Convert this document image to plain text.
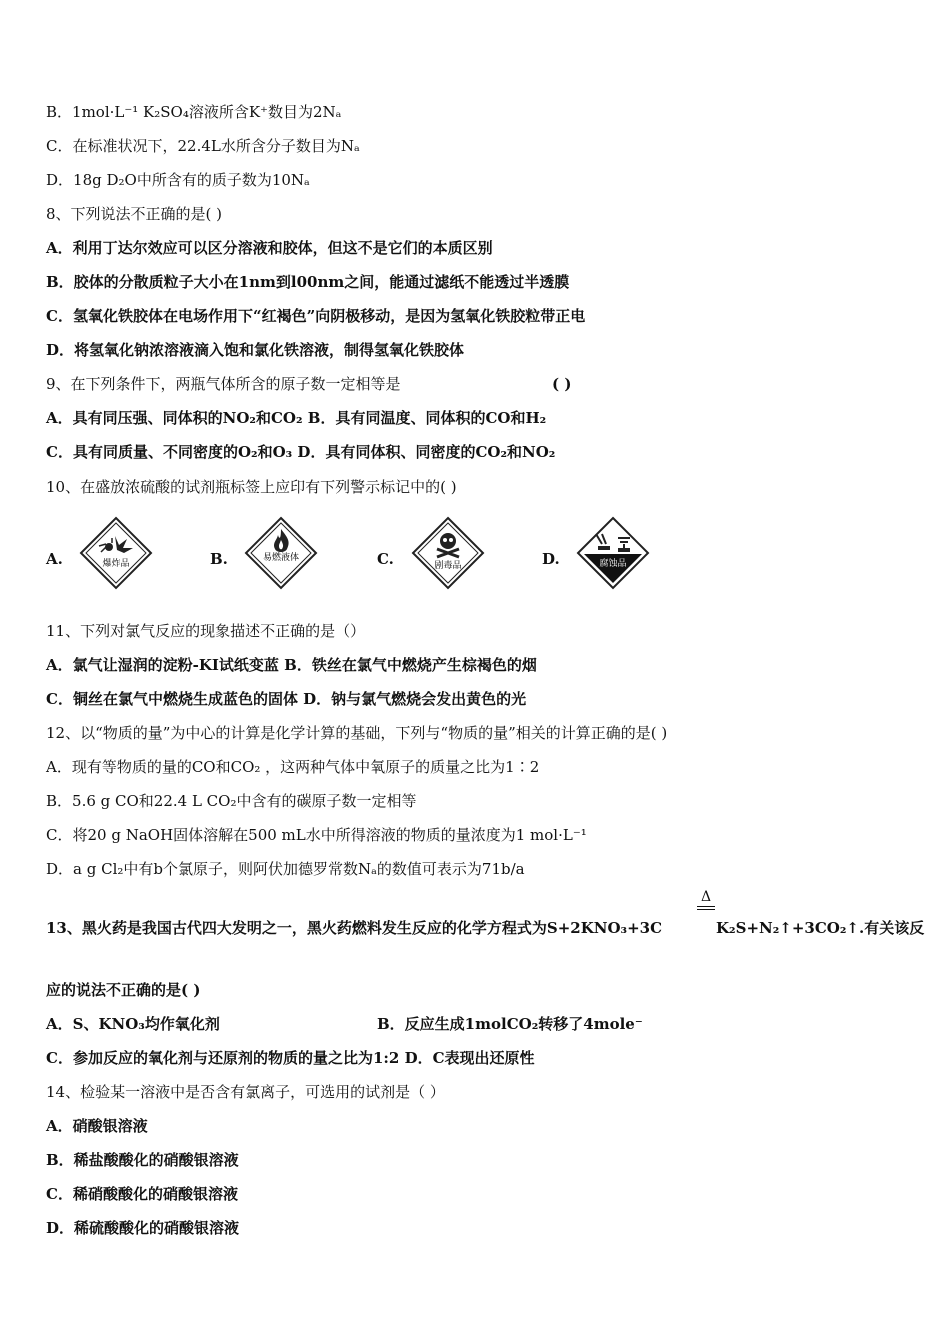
B．1mol·L⁻¹ K₂SO₄溶液所含K⁺数目为2Nₐ
C．在标准状况下，22.4L水所含分子数目为Nₐ
D．18g D₂O中所含有的质子数为10Nₐ
8、下列说法不正确的是( )
A．利用丁达尔效应可以区分溶液和胶体，但这不是它们的本质区别
B．胶体的分散质粒子大小在1nm到l00nm之间，能通过滤纸不能透过半透膜
C．氢氧化铁胶体在电场作用下“红褐色”向阴极移动，是因为氢氧化铁胶粒带正电
D．将氢氧化钠浓溶液滴入饱和氯化铁溶液，制得氢氧化铁胶体
9、在下列条件下，两瓶气体所含的原子数一定相等是	( )
A．具有同压强、同体积的NO₂和CO₂ B．具有同温度、同体积的CO和H₂
C．具有同质量、不同密度的O₂和O₃ D．具有同体积、同密度的CO₂和NO₂
10、在盛放浓硫酸的试剂瓶标签上应印有下列警示标记中的( )
A.	爆炸品	B.	易燃液体	C.	剧毒品	D.	腐蚀品
11、下列对氯气反应的现象描述不正确的是（）
A．氯气让湿润的淀粉-KI试纸变蓝 B．铁丝在氯气中燃烧产生棕褐色的烟
C．铜丝在氯气中燃烧生成蓝色的固体 D．钠与氯气燃烧会发出黄色的光
12、以“物质的量”为中心的计算是化学计算的基础，下列与“物质的量”相关的计算正确的是( )
A．现有等物质的量的CO和CO₂ ，这两种气体中氧原子的质量之比为1∶2
B．5.6 g CO和22.4 L CO₂中含有的碳原子数一定相等
C．将20 g NaOH固体溶解在500 mL水中所得溶液的物质的量浓度为1 mol·L⁻¹
D．a g Cl₂中有b个氯原子，则阿伏加德罗常数Nₐ的数值可表示为71b/a
Δ
13、黑火药是我国古代四大发明之一，黑火药燃料发生反应的化学方程式为S+2KNO₃+3C	K₂S+N₂↑+3CO₂↑.有关该反
应的说法不正确的是( )
A．S、KNO₃均作氧化剂	B．反应生成1molCO₂转移了4mole⁻
C．参加反应的氧化剂与还原剂的物质的量之比为1:2 D．C表现出还原性
14、检验某一溶液中是否含有氯离子，可选用的试剂是（ ）
A．硝酸银溶液
B．稀盐酸酸化的硝酸银溶液
C．稀硝酸酸化的硝酸银溶液
D．稀硫酸酸化的硝酸银溶液
